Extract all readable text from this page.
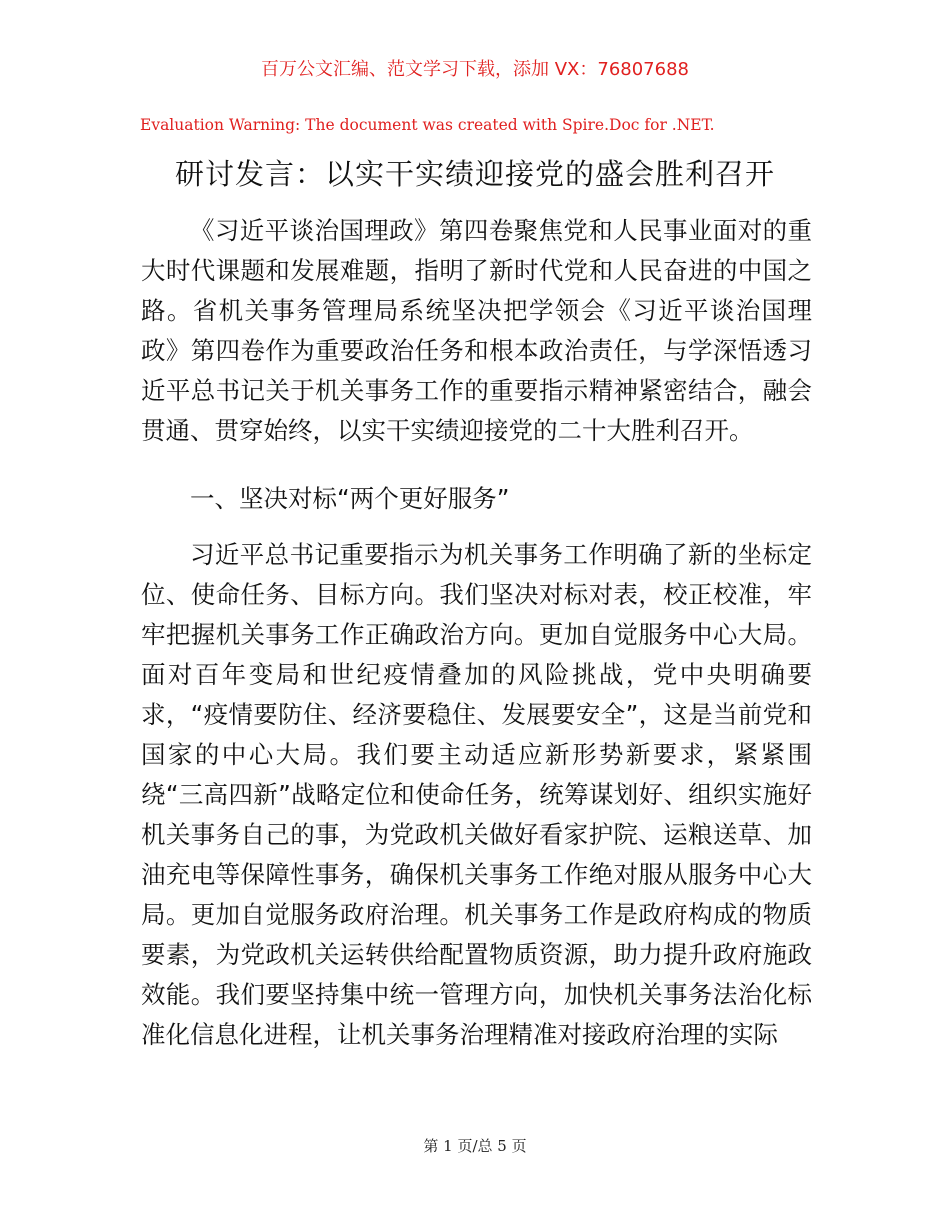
百万公文汇编、范文学习下载，添加 VX：76807688
Evaluation Warning: The document was created with Spire.Doc for .NET.
研讨发言：以实干实绩迎接党的盛会胜利召开

《习近平谈治国理政》第四卷聚焦党和人民事业面对的重大时代课题和发展难题，指明了新时代党和人民奋进的中国之路。省机关事务管理局系统坚决把学领会《习近平谈治国理政》第四卷作为重要政治任务和根本政治责任，与学深悟透习近平总书记关于机关事务工作的重要指示精神紧密结合，融会贯通、贯穿始终，以实干实绩迎接党的二十大胜利召开。

一、坚决对标“两个更好服务”

习近平总书记重要指示为机关事务工作明确了新的坐标定位、使命任务、目标方向。我们坚决对标对表，校正校准，牢牢把握机关事务工作正确政治方向。更加自觉服务中心大局。面对百年变局和世纪疫情叠加的风险挑战，党中央明确要求，“疫情要防住、经济要稳住、发展要安全”，这是当前党和国家的中心大局。我们要主动适应新形势新要求，紧紧围绕“三高四新”战略定位和使命任务，统筹谋划好、组织实施好机关事务自己的事，为党政机关做好看家护院、运粮送草、加油充电等保障性事务，确保机关事务工作绝对服从服务中心大局。更加自觉服务政府治理。机关事务工作是政府构成的物质要素，为党政机关运转供给配置物质资源，助力提升政府施政效能。我们要坚持集中统一管理方向，加快机关事务法治化标准化信息化进程，让机关事务治理精准对接政府治理的实际

第 1 页/总 5 页
